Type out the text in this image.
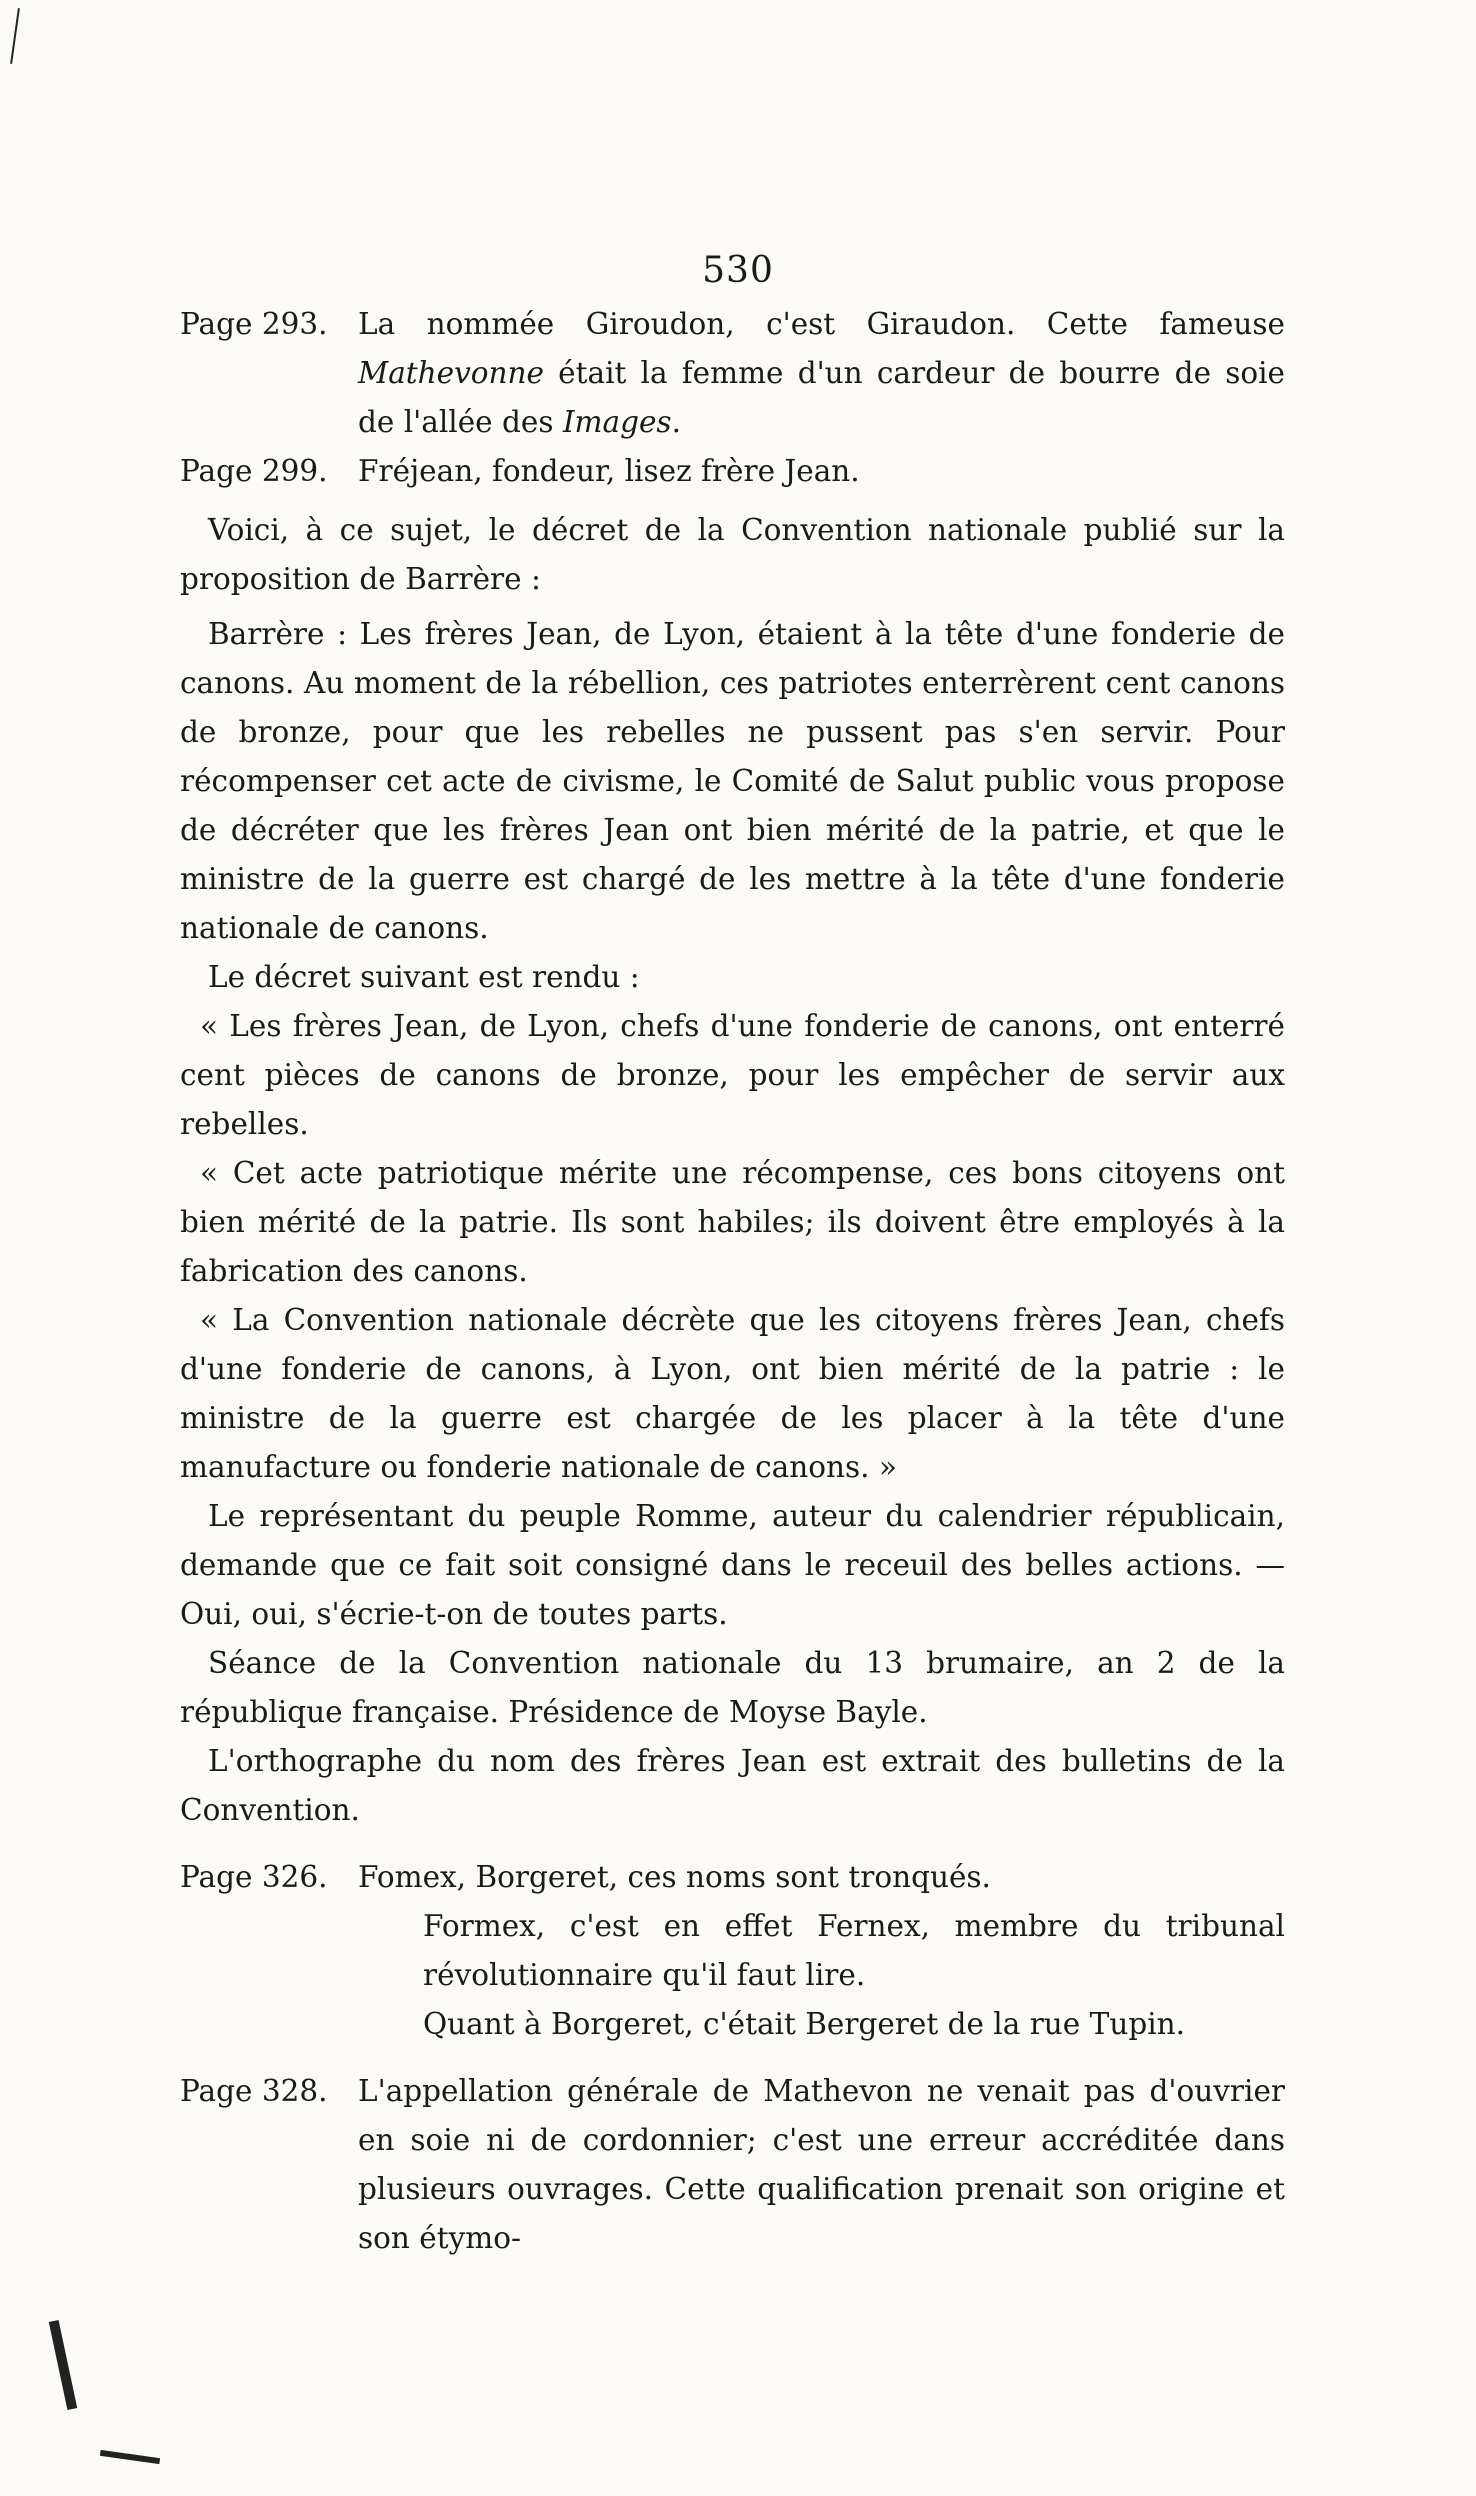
530
Page 293.	La nommée Giroudon, c'est Giraudon. Cette fameuse Mathevonne était la femme d'un cardeur de bourre de soie de l'allée des Images.

Page 299.	Fréjean, fondeur, lisez frère Jean.

Voici, à ce sujet, le décret de la Convention nationale publié sur la proposition de Barrère :

Barrère : Les frères Jean, de Lyon, étaient à la tête d'une fonderie de canons. Au moment de la rébellion, ces patriotes enterrèrent cent canons de bronze, pour que les rebelles ne pussent pas s'en servir. Pour récompenser cet acte de civisme, le Comité de Salut public vous propose de décréter que les frères Jean ont bien mérité de la patrie, et que le ministre de la guerre est chargé de les mettre à la tête d'une fonderie nationale de canons.

Le décret suivant est rendu :

« Les frères Jean, de Lyon, chefs d'une fonderie de canons, ont enterré cent pièces de canons de bronze, pour les empêcher de servir aux rebelles.

« Cet acte patriotique mérite une récompense, ces bons citoyens ont bien mérité de la patrie. Ils sont habiles; ils doivent être employés à la fabrication des canons.

« La Convention nationale décrète que les citoyens frères Jean, chefs d'une fonderie de canons, à Lyon, ont bien mérité de la patrie : le ministre de la guerre est chargée de les placer à la tête d'une manufacture ou fonderie nationale de canons. »

Le représentant du peuple Romme, auteur du calendrier républicain, demande que ce fait soit consigné dans le receuil des belles actions. — Oui, oui, s'écrie-t-on de toutes parts.

Séance de la Convention nationale du 13 brumaire, an 2 de la république française. Présidence de Moyse Bayle.

L'orthographe du nom des frères Jean est extrait des bulletins de la Convention.

Page 326.	Fomex, Borgeret, ces noms sont tronqués.

Formex, c'est en effet Fernex, membre du tribunal révolutionnaire qu'il faut lire.

Quant à Borgeret, c'était Bergeret de la rue Tupin.

Page 328.	L'appellation générale de Mathevon ne venait pas d'ouvrier en soie ni de cordonnier; c'est une erreur accréditée dans plusieurs ouvrages. Cette qualification prenait son origine et son étymo-
